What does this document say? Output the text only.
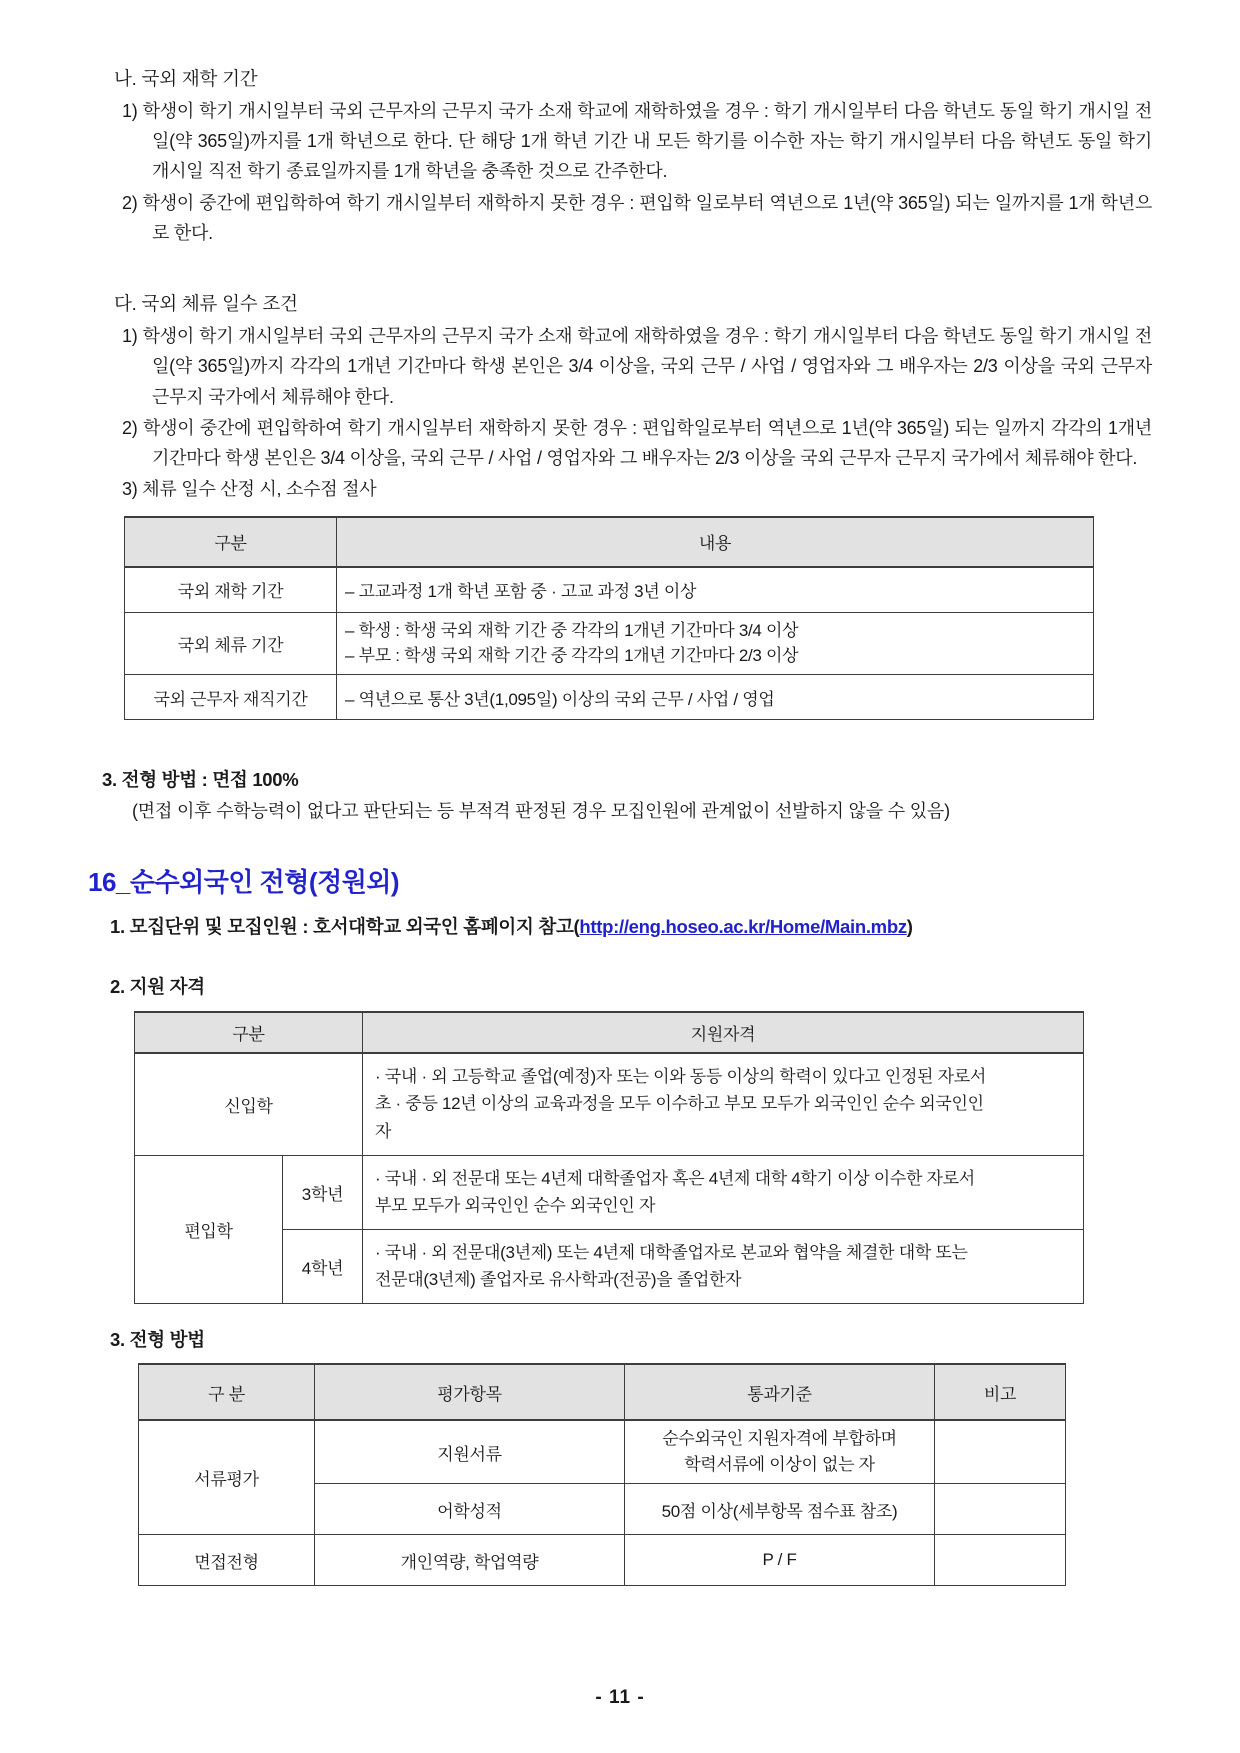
나. 국외 재학 기간

1) 학생이 학기 개시일부터 국외 근무자의 근무지 국가 소재 학교에 재학하였을 경우 : 학기 개시일부터 다음 학년도 동일 학기 개시일 전일(약 365일)까지를 1개 학년으로 한다. 단 해당 1개 학년 기간 내 모든 학기를 이수한 자는 학기 개시일부터 다음 학년도 동일 학기 개시일 직전 학기 종료일까지를 1개 학년을 충족한 것으로 간주한다.

2) 학생이 중간에 편입학하여 학기 개시일부터 재학하지 못한 경우 : 편입학 일로부터 역년으로 1년(약 365일) 되는 일까지를 1개 학년으로 한다.

다. 국외 체류 일수 조건

1) 학생이 학기 개시일부터 국외 근무자의 근무지 국가 소재 학교에 재학하였을 경우 : 학기 개시일부터 다음 학년도 동일 학기 개시일 전일(약 365일)까지 각각의 1개년 기간마다 학생 본인은 3/4 이상을, 국외 근무 / 사업 / 영업자와 그 배우자는 2/3 이상을 국외 근무자 근무지 국가에서 체류해야 한다.

2) 학생이 중간에 편입학하여 학기 개시일부터 재학하지 못한 경우 : 편입학일로부터 역년으로 1년(약 365일) 되는 일까지 각각의 1개년 기간마다 학생 본인은 3/4 이상을, 국외 근무 / 사업 / 영업자와 그 배우자는 2/3 이상을 국외 근무자 근무지 국가에서 체류해야 한다.

3) 체류 일수 산정 시, 소수점 절사

구분	내용
국외 재학 기간	– 고교과정 1개 학년 포함 중 · 고교 과정 3년 이상
국외 체류 기간	– 학생 : 학생 국외 재학 기간 중 각각의 1개년 기간마다 3/4 이상
– 부모 : 학생 국외 재학 기간 중 각각의 1개년 기간마다 2/3 이상

국외 근무자 재직기간	– 역년으로 통산 3년(1,095일) 이상의 국외 근무 / 사업 / 영업

3. 전형 방법 : 면접 100%

(면접 이후 수학능력이 없다고 판단되는 등 부적격 판정된 경우 모집인원에 관계없이 선발하지 않을 수 있음)

16_순수외국인 전형(정원외)

1. 모집단위 및 모집인원 : 호서대학교 외국인 홈페이지 참고(http://eng.hoseo.ac.kr/Home/Main.mbz)

2. 지원 자격

구분		지원자격
신입학		· 국내 · 외 고등학교 졸업(예정)자 또는 이와 동등 이상의 학력이 있다고 인정된 자로서
초 · 중등 12년 이상의 교육과정을 모두 이수하고 부모 모두가 외국인인 순수 외국인인
자

편입학	3학년	· 국내 · 외 전문대 또는 4년제 대학졸업자 혹은 4년제 대학 4학기 이상 이수한 자로서
부모 모두가 외국인인 순수 외국인인 자

	4학년	· 국내 · 외 전문대(3년제) 또는 4년제 대학졸업자로 본교와 협약을 체결한 대학 또는
전문대(3년제) 졸업자로 유사학과(전공)을 졸업한자

3. 전형 방법

구 분	평가항목	통과기준	비고
서류평가	지원서류	순수외국인 지원자격에 부합하며
학력서류에 이상이 없는 자	

	어학성적	50점 이상(세부항목 점수표 참조)	
면접전형	개인역량, 학업역량	P / F	
- 11 -
